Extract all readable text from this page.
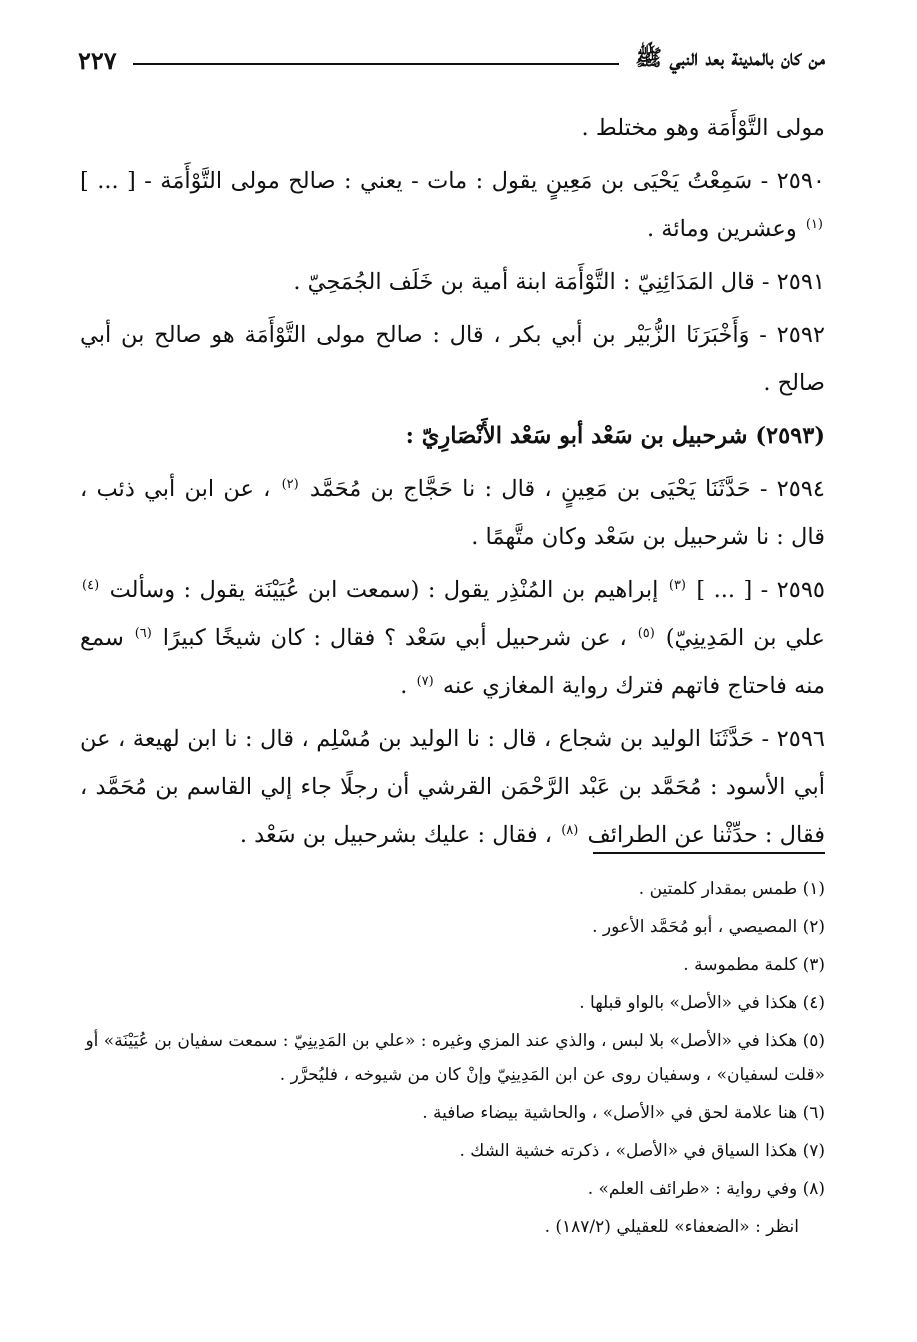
من كان بالمدينة بعد النبي ﷺ
٢٢٧

مولى التَّوْأَمَة وهو مختلط .

٢٥٩٠ - سَمِعْتُ يَحْيَى بن مَعِينٍ يقول : مات - يعني : صالح مولى التَّوْأَمَة - [ ... ] $^{(١)}$ وعشرين ومائة .

٢٥٩١ - قال المَدَائِنِيّ : التَّوْأَمَة ابنة أمية بن خَلَف الجُمَحِيّ .

٢٥٩٢ - وَأَخْبَرَنَا الزُّبَيْر بن أبي بكر ، قال : صالح مولى التَّوْأَمَة هو صالح بن أبي صالح .

(٢٥٩٣) شرحبيل بن سَعْد أبو سَعْد الأَنْصَارِيّ :

٢٥٩٤ - حَدَّثَنَا يَحْيَى بن مَعِينٍ ، قال : نا حَجَّاج بن مُحَمَّد $^{(٢)}$ ، عن ابن أبي ذئب ، قال : نا شرحبيل بن سَعْد وكان متَّهمًا .

٢٥٩٥ - [ ... ] $^{(٣)}$ إبراهيم بن المُنْذِر يقول : (سمعت ابن عُيَيْنَة يقول : وسألت $^{(٤)}$ علي بن المَدِينِيّ) $^{(٥)}$ ، عن شرحبيل أبي سَعْد ؟ فقال : كان شيخًا كبيرًا $^{(٦)}$ سمع منه فاحتاج فاتهم فترك رواية المغازي عنه $^{(٧)}$ .

٢٥٩٦ - حَدَّثَنَا الوليد بن شجاع ، قال : نا الوليد بن مُسْلِم ، قال : نا ابن لهيعة ، عن أبي الأسود : مُحَمَّد بن عَبْد الرَّحْمَن القرشي أن رجلًا جاء إلي القاسم بن مُحَمَّد ، فقال : حدِّثْنا عن الطرائف $^{(٨)}$ ، فقال : عليك بشرحبيل بن سَعْد .

(١) طمس بمقدار كلمتين .

(٢) المصيصي ، أبو مُحَمَّد الأعور .

(٣) كلمة مطموسة .

(٤) هكذا في «الأصل» بالواو قبلها .

(٥) هكذا في «الأصل» بلا لبس ، والذي عند المزي وغيره : «علي بن المَدِينِيّ : سمعت سفيان بن عُيَيْنَة» أو «قلت لسفيان» ، وسفيان روى عن ابن المَدِينِيّ وإنْ كان من شيوخه ، فليُحرَّر .

(٦) هنا علامة لحق في «الأصل» ، والحاشية بيضاء صافية .

(٧) هكذا السياق في «الأصل» ، ذكرته خشية الشك .

(٨) وفي رواية : «طرائف العلم» .

انظر : «الضعفاء» للعقيلي (١٨٧/٢) .
